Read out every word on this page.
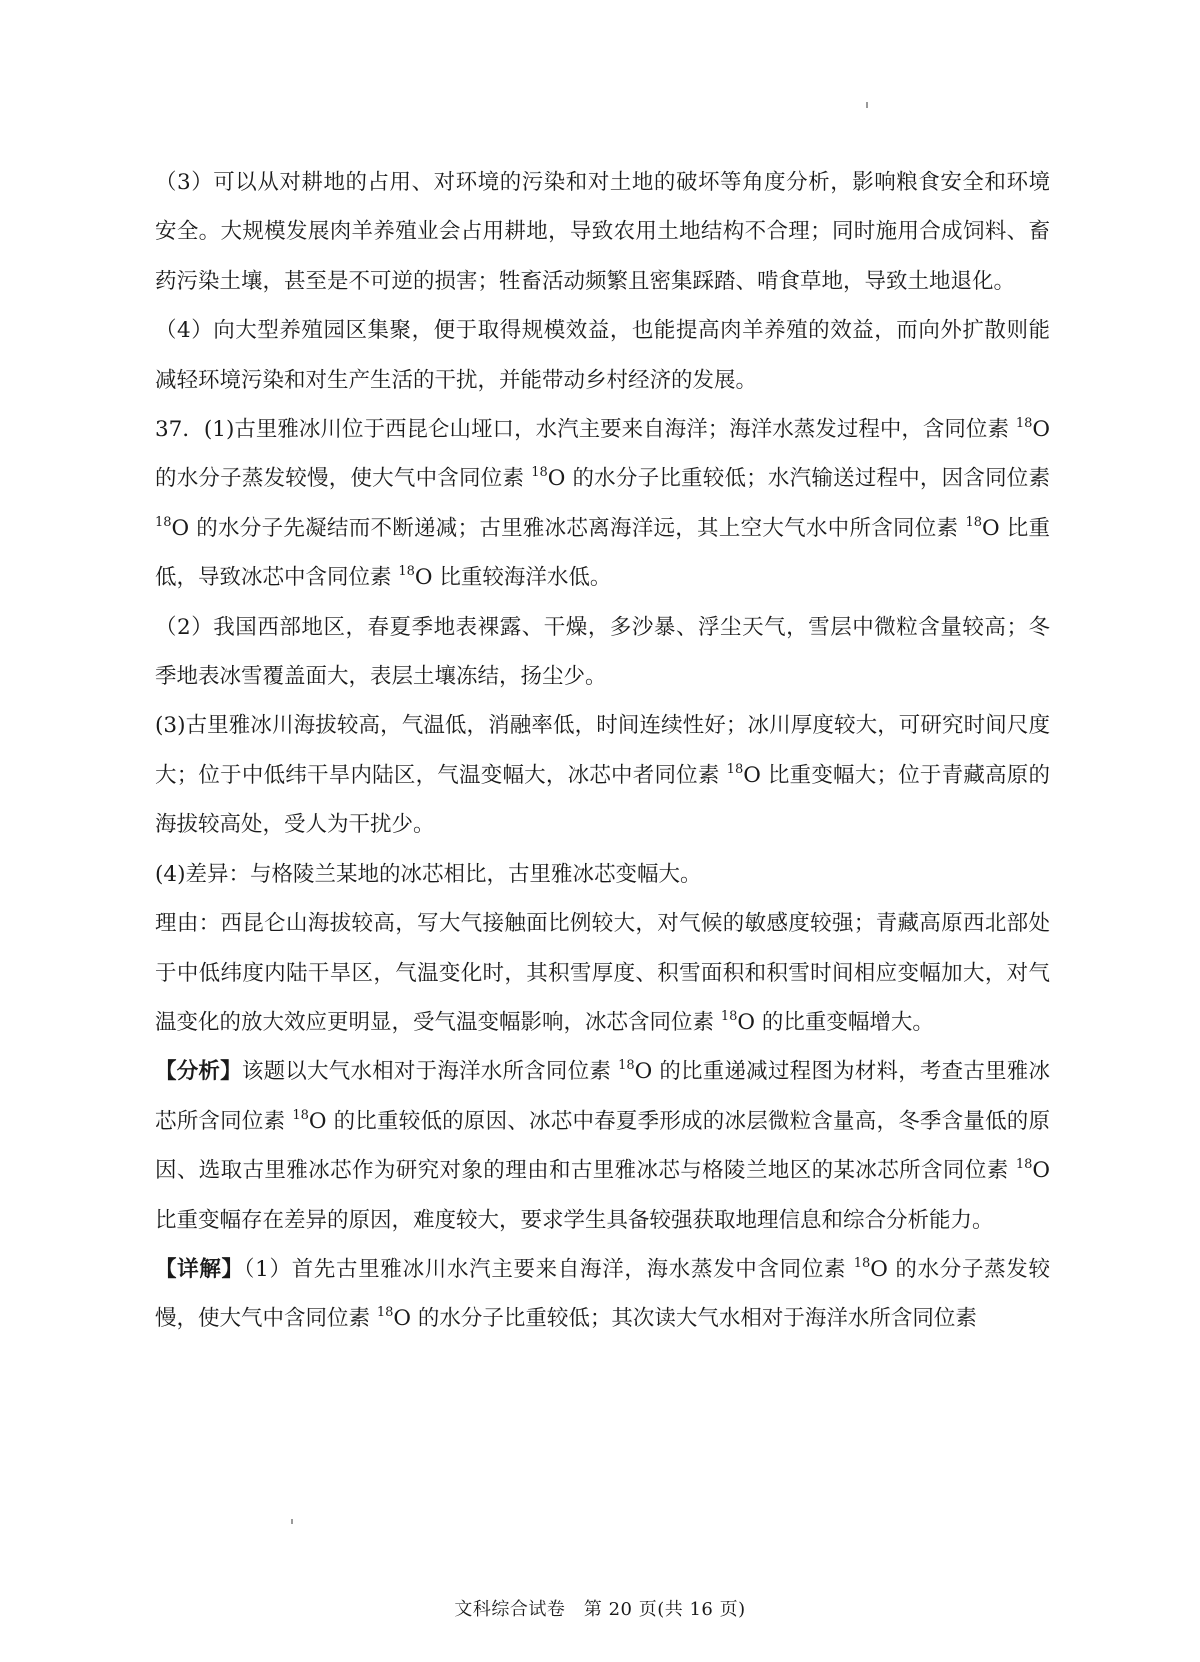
（3）可以从对耕地的占用、对环境的污染和对土地的破坏等角度分析，影响粮食安全和环境安全。大规模发展肉羊养殖业会占用耕地，导致农用土地结构不合理；同时施用合成饲料、畜药污染土壤，甚至是不可逆的损害；牲畜活动频繁且密集踩踏、啃食草地，导致土地退化。

（4）向大型养殖园区集聚，便于取得规模效益，也能提高肉羊养殖的效益，而向外扩散则能减轻环境污染和对生产生活的干扰，并能带动乡村经济的发展。

37．(1)古里雅冰川位于西昆仑山垭口，水汽主要来自海洋；海洋水蒸发过程中，含同位素 $^{18}$O 的水分子蒸发较慢，使大气中含同位素 $^{18}$O 的水分子比重较低；水汽输送过程中，因含同位素 $^{18}$O 的水分子先凝结而不断递减；古里雅冰芯离海洋远，其上空大气水中所含同位素 $^{18}$O 比重低，导致冰芯中含同位素 $^{18}$O 比重较海洋水低。

（2）我国西部地区，春夏季地表裸露、干燥，多沙暴、浮尘天气，雪层中微粒含量较高；冬季地表冰雪覆盖面大，表层土壤冻结，扬尘少。

(3)古里雅冰川海拔较高，气温低，消融率低，时间连续性好；冰川厚度较大，可研究时间尺度大；位于中低纬干旱内陆区，气温变幅大，冰芯中者同位素 $^{18}$O 比重变幅大；位于青藏高原的海拔较高处，受人为干扰少。

(4)差异：与格陵兰某地的冰芯相比，古里雅冰芯变幅大。

理由：西昆仑山海拔较高，写大气接触面比例较大，对气候的敏感度较强；青藏高原西北部处于中低纬度内陆干旱区，气温变化时，其积雪厚度、积雪面积和积雪时间相应变幅加大，对气温变化的放大效应更明显，受气温变幅影响，冰芯含同位素 $^{18}$O 的比重变幅增大。

【分析】该题以大气水相对于海洋水所含同位素 $^{18}$O 的比重递减过程图为材料，考查古里雅冰芯所含同位素 $^{18}$O 的比重较低的原因、冰芯中春夏季形成的冰层微粒含量高，冬季含量低的原因、选取古里雅冰芯作为研究对象的理由和古里雅冰芯与格陵兰地区的某冰芯所含同位素 $^{18}$O 比重变幅存在差异的原因，难度较大，要求学生具备较强获取地理信息和综合分析能力。

【详解】（1）首先古里雅冰川水汽主要来自海洋，海水蒸发中含同位素 $^{18}$O 的水分子蒸发较慢，使大气中含同位素 $^{18}$O 的水分子比重较低；其次读大气水相对于海洋水所含同位素

文科综合试卷　第 20 页(共 16 页)
